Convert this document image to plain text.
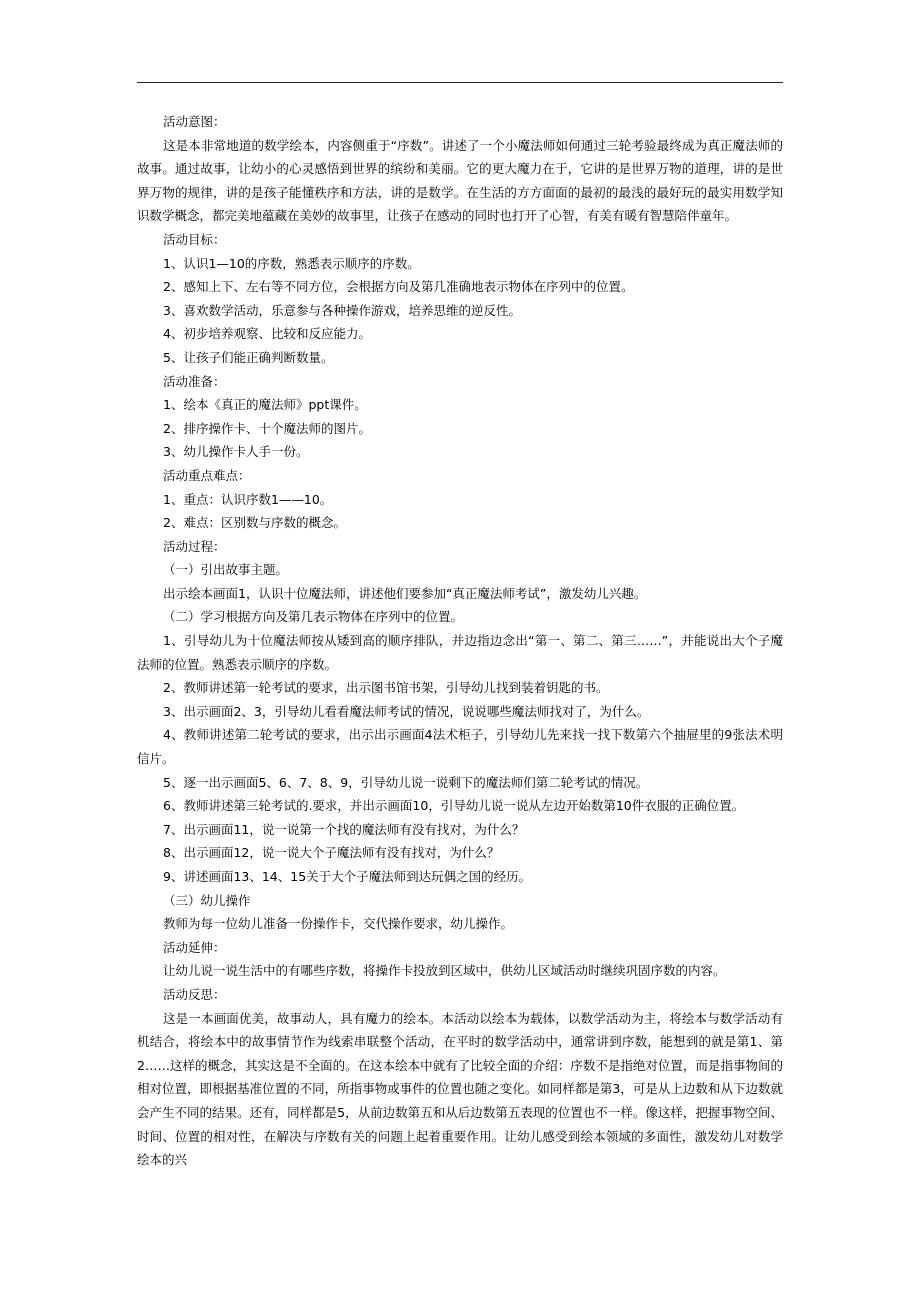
活动意图：

这是本非常地道的数学绘本，内容侧重于“序数”。讲述了一个小魔法师如何通过三轮考验最终成为真正魔法师的故事。通过故事，让幼小的心灵感悟到世界的缤纷和美丽。它的更大魔力在于，它讲的是世界万物的道理，讲的是世界万物的规律，讲的是孩子能懂秩序和方法，讲的是数学。在生活的方方面面的最初的最浅的最好玩的最实用数学知识数学概念，都完美地蕴藏在美妙的故事里，让孩子在感动的同时也打开了心智，有美有暖有智慧陪伴童年。

活动目标：

1、认识1—10的序数，熟悉表示顺序的序数。

2、感知上下、左右等不同方位，会根据方向及第几准确地表示物体在序列中的位置。

3、喜欢数学活动，乐意参与各种操作游戏，培养思维的逆反性。

4、初步培养观察、比较和反应能力。

5、让孩子们能正确判断数量。

活动准备：

1、绘本《真正的魔法师》ppt课件。

2、排序操作卡、十个魔法师的图片。

3、幼儿操作卡人手一份。

活动重点难点：

1、重点：认识序数1——10。

2、难点：区别数与序数的概念。

活动过程：

（一）引出故事主题。

出示绘本画面1，认识十位魔法师，讲述他们要参加“真正魔法师考试”，激发幼儿兴趣。

（二）学习根据方向及第几表示物体在序列中的位置。

1、引导幼儿为十位魔法师按从矮到高的顺序排队，并边指边念出“第一、第二、第三……”，并能说出大个子魔法师的位置。熟悉表示顺序的序数。

2、教师讲述第一轮考试的要求，出示图书馆书架，引导幼儿找到装着钥匙的书。

3、出示画面2、3，引导幼儿看看魔法师考试的情况，说说哪些魔法师找对了，为什么。

4、教师讲述第二轮考试的要求，出示出示画面4法术柜子，引导幼儿先来找一找下数第六个抽屉里的9张法术明信片。

5、逐一出示画面5、6、7、8、9，引导幼儿说一说剩下的魔法师们第二轮考试的情况。

6、教师讲述第三轮考试的.要求，并出示画面10，引导幼儿说一说从左边开始数第10件衣服的正确位置。

7、出示画面11，说一说第一个找的魔法师有没有找对，为什么？

8、出示画面12，说一说大个子魔法师有没有找对，为什么？

9、讲述画面13、14、15关于大个子魔法师到达玩偶之国的经历。

（三）幼儿操作

教师为每一位幼儿准备一份操作卡，交代操作要求，幼儿操作。

活动延伸：

让幼儿说一说生活中的有哪些序数，将操作卡投放到区域中，供幼儿区域活动时继续巩固序数的内容。

活动反思：

这是一本画面优美，故事动人，具有魔力的绘本。本活动以绘本为载体，以数学活动为主，将绘本与数学活动有机结合，将绘本中的故事情节作为线索串联整个活动，在平时的数学活动中，通常讲到序数，能想到的就是第1、第2……这样的概念，其实这是不全面的。在这本绘本中就有了比较全面的介绍：序数不是指绝对位置，而是指事物间的相对位置，即根据基准位置的不同，所指事物或事件的位置也随之变化。如同样都是第3，可是从上边数和从下边数就会产生不同的结果。还有，同样都是5，从前边数第五和从后边数第五表现的位置也不一样。像这样，把握事物空间、时间、位置的相对性，在解决与序数有关的问题上起着重要作用。让幼儿感受到绘本领域的多面性，激发幼儿对数学绘本的兴
